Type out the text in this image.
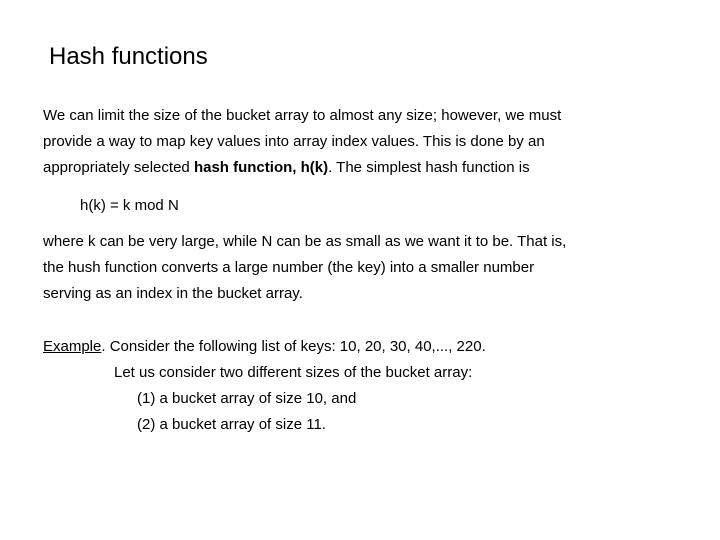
Hash functions
We can limit the size of the bucket array to almost any size; however, we must
provide a way to map key values into array index values. This is done by an
appropriately selected hash function, h(k). The simplest hash function is
h(k) = k mod N
where k can be very large, while N can be as small as we want it to be. That is,
the hush function converts a large number (the key) into a smaller number
serving as an index in the bucket array.
Example. Consider the following list of keys: 10, 20, 30, 40,..., 220.
Let us consider two different sizes of the bucket array:
(1) a bucket array of size 10, and
(2) a bucket array of size 11.
